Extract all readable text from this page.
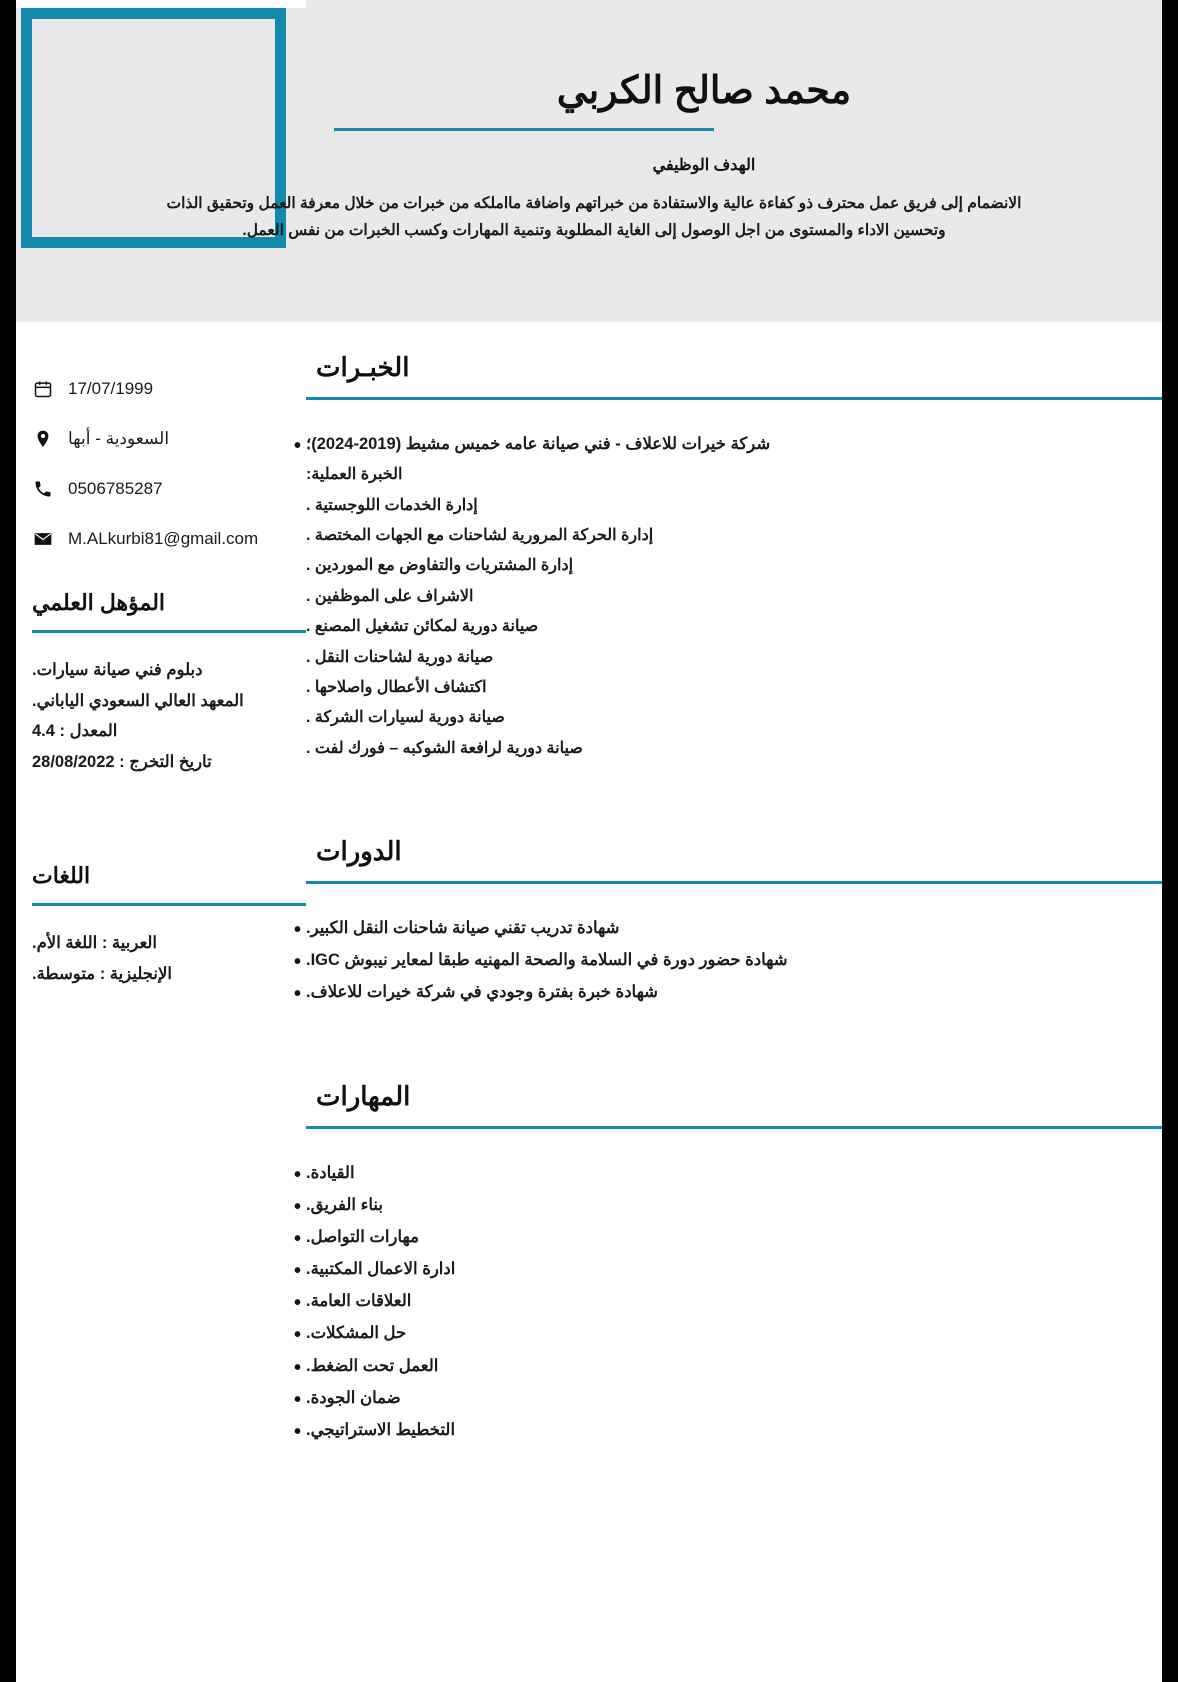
محمد صالح الكربي
الهدف الوظيفي
الانضمام إلى فريق عمل محترف ذو كفاءة عالية والاستفادة من خبراتهم واضافة مااملكه من خبرات من خلال معرفة العمل وتحقيق الذات وتحسين الاداء والمستوى من اجل الوصول إلى الغاية المطلوبة وتنمية المهارات وكسب الخبرات من نفس العمل.
الخبـرات
• شركة خيرات للاعلاف - فني صيانة عامه خميس مشيط (2019-2024)؛
الخبرة العملية:
إدارة الخدمات اللوجستية .
إدارة الحركة المرورية لشاحنات مع الجهات المختصة .
إدارة المشتريات والتفاوض مع الموردين .
الاشراف على الموظفين .
صيانة دورية لمكائن تشغيل المصنع .
صيانة دورية لشاحنات النقل .
اكتشاف الأعطال واصلاحها .
صيانة دورية لسيارات الشركة .
صيانة دورية لرافعة الشوكبه – فورك لفت .
الدورات
• شهادة تدريب تقني صيانة شاحنات النقل الكبير.
• شهادة حضور دورة في السلامة والصحة المهنيه طبقا لمعاير نيبوش IGC.
• شهادة خبرة بفترة وجودي في شركة خيرات للاعلاف.
المهارات
• القيادة.
• بناء الفريق.
• مهارات التواصل.
• ادارة الاعمال المكتبية.
• العلاقات العامة.
• حل المشكلات.
• العمل تحت الضغط.
• ضمان الجودة.
• التخطيط الاستراتيجي.
17/07/1999
السعودية - أبها
0506785287
M.ALkurbi81@gmail.com
المؤهل العلمي
دبلوم فني صيانة سيارات.
المعهد العالي السعودي الياباني.
المعدل : 4.4
تاريخ التخرج : 28/08/2022
اللغات
العربية : اللغة الأم.
الإنجليزية : متوسطة.
